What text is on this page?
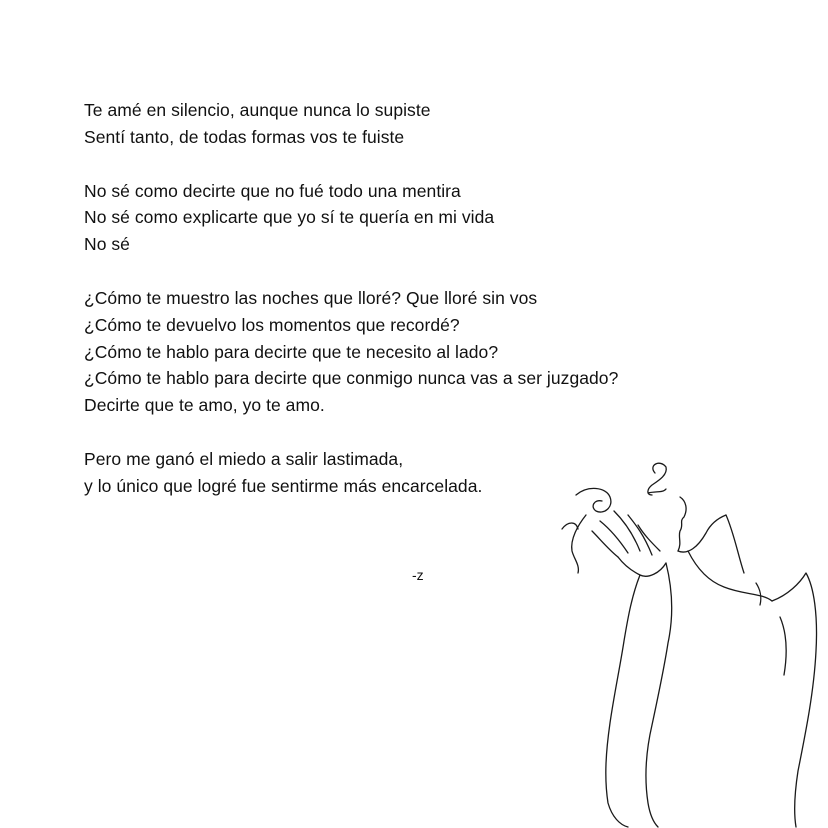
Te amé en silencio, aunque nunca lo supiste
Sentí tanto, de todas formas vos te fuiste
No sé como decirte que no fué todo una mentira
No sé como explicarte que yo sí te quería en mi vida
No sé
¿Cómo te muestro las noches que lloré? Que lloré sin vos
¿Cómo te devuelvo los momentos que recordé?
¿Cómo te hablo para decirte que te necesito al lado?
¿Cómo te hablo para decirte que conmigo nunca vas a ser juzgado?
Decirte que te amo, yo te amo.
Pero me ganó el miedo a salir lastimada,
y lo único que logré fue sentirme más encarcelada.
-z
